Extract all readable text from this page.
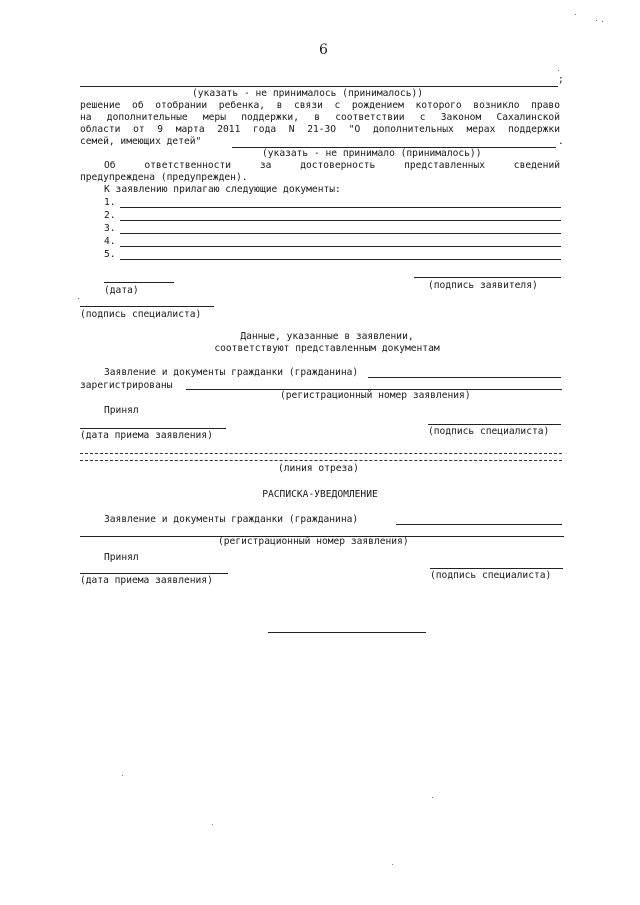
6
;
(указать - не принималось (принималось))
решение об отобрании ребенка, в связи с рождением которого возникло право
на дополнительные меры поддержки, в соответствии с Законом Сахалинской
области от 9 марта 2011 года N 21-ЗО "О дополнительных мерах поддержки
семей, имеющих детей"	.
(указать - не принимало (принималось))
Об ответственности за достоверность представленных сведений
предупреждена (предупрежден).
К заявлению прилагаю следующие документы:
1.
2.
3.
4.
5.
(подпись заявителя)
(дата)
(подпись специалиста)
Данные, указанные в заявлении,
соответствуют представленным документам
Заявление и документы гражданки (гражданина)
зарегистрированы
(регистрационный номер заявления)
Принял
(подпись специалиста)
(дата приема заявления)
(линия отреза)
РАСПИСКА-УВЕДОМЛЕНИЕ
Заявление и документы гражданки (гражданина)
(регистрационный номер заявления)
Принял
(подпись специалиста)
(дата приема заявления)
